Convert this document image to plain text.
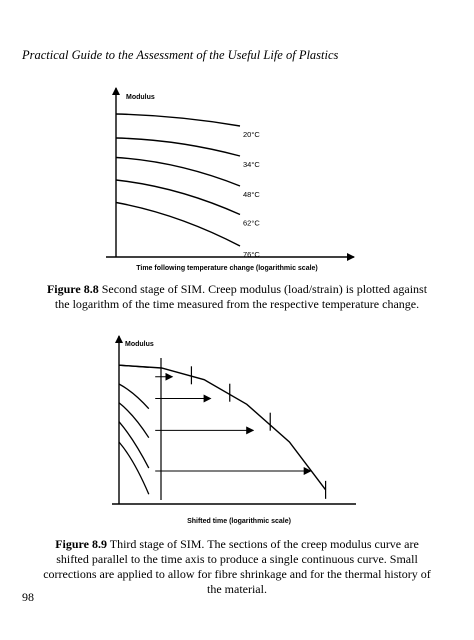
Practical Guide to the Assessment of the Useful Life of Plastics
Modulus
Time following temperature change (logarithmic scale)
20°C
34°C
48°C
62°C
76°C
Figure 8.8 Second stage of SIM. Creep modulus (load/strain) is plotted against the logarithm of the time measured from the respective temperature change.
Modulus
Shifted time (logarithmic scale)
Figure 8.9 Third stage of SIM. The sections of the creep modulus curve are shifted parallel to the time axis to produce a single continuous curve. Small corrections are applied to allow for fibre shrinkage and for the thermal history of the material.
98
